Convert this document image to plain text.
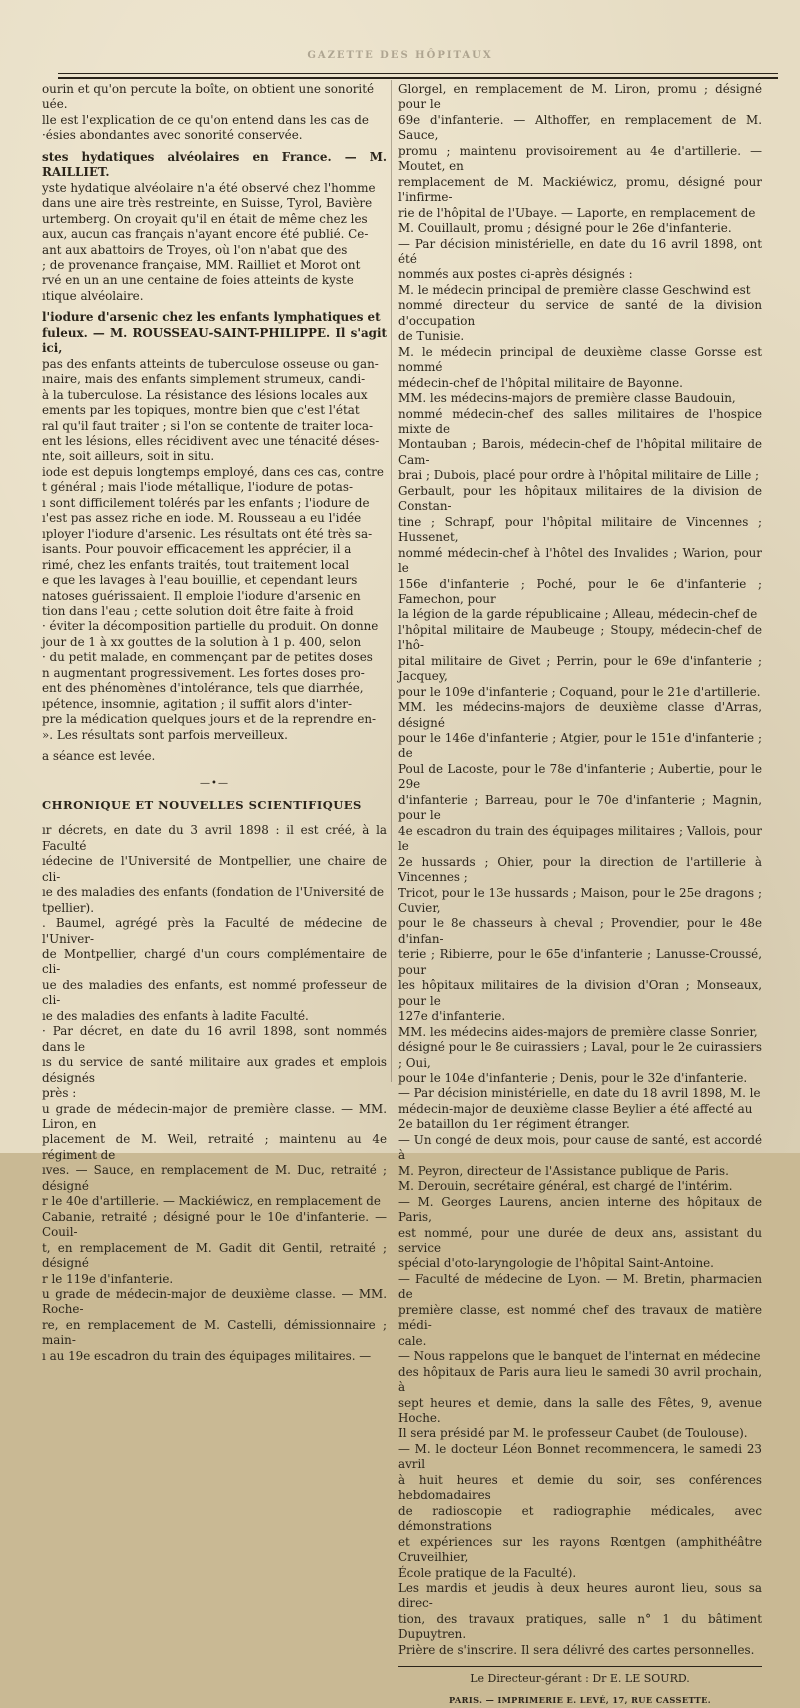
GAZETTE DES HÔPITAUX

ourin et qu'on percute la boîte, on obtient une sonorité

uée.

lle est l'explication de ce qu'on entend dans les cas de

·ésies abondantes avec sonorité conservée.

stes hydatiques alvéolaires en France. — M. RAILLIET.

yste hydatique alvéolaire n'a été observé chez l'homme

dans une aire très restreinte, en Suisse, Tyrol, Bavière

urtemberg. On croyait qu'il en était de même chez les

aux, aucun cas français n'ayant encore été publié. Ce-

ant aux abattoirs de Troyes, où l'on n'abat que des

; de provenance française, MM. Railliet et Morot ont

rvé en un an une centaine de foies atteints de kyste

ıtique alvéolaire.

l'iodure d'arsenic chez les enfants lymphatiques et

fuleux. — M. ROUSSEAU-SAINT-PHILIPPE. Il s'agit ici,

pas des enfants atteints de tuberculose osseuse ou gan-

ınaire, mais des enfants simplement strumeux, candi-

à la tuberculose. La résistance des lésions locales aux

ements par les topiques, montre bien que c'est l'état

ral qu'il faut traiter ; si l'on se contente de traiter loca-

ent les lésions, elles récidivent avec une ténacité déses-

nte, soit ailleurs, soit in situ.

iode est depuis longtemps employé, dans ces cas, contre

t général ; mais l'iode métallique, l'iodure de potas-

ı sont difficilement tolérés par les enfants ; l'iodure de

ı'est pas assez riche en iode. M. Rousseau a eu l'idée

ıployer l'iodure d'arsenic. Les résultats ont été très sa-

isants. Pour pouvoir efficacement les apprécier, il a

rimé, chez les enfants traités, tout traitement local

e que les lavages à l'eau bouillie, et cependant leurs

natoses guérissaient. Il emploie l'iodure d'arsenic en

tion dans l'eau ; cette solution doit être faite à froid

· éviter la décomposition partielle du produit. On donne

jour de 1 à xx gouttes de la solution à 1 p. 400, selon

· du petit malade, en commençant par de petites doses

n augmentant progressivement. Les fortes doses pro-

ent des phénomènes d'intolérance, tels que diarrhée,

ıpétence, insomnie, agitation ; il suffit alors d'inter-

pre la médication quelques jours et de la reprendre en-

». Les résultats sont parfois merveilleux.

a séance est levée.

—•—
CHRONIQUE ET NOUVELLES SCIENTIFIQUES

ır décrets, en date du 3 avril 1898 : il est créé, à la Faculté

ıédecine de l'Université de Montpellier, une chaire de cli-

ıe des maladies des enfants (fondation de l'Université de

tpellier).

. Baumel, agrégé près la Faculté de médecine de l'Univer-

de Montpellier, chargé d'un cours complémentaire de cli-

ue des maladies des enfants, est nommé professeur de cli-

ıe des maladies des enfants à ladite Faculté.

· Par décret, en date du 16 avril 1898, sont nommés dans le

ıs du service de santé militaire aux grades et emplois désignés

près :

u grade de médecin-major de première classe. — MM. Liron, en

placement de M. Weil, retraité ; maintenu au 4e régiment de

ıves. — Sauce, en remplacement de M. Duc, retraité ; désigné

r le 40e d'artillerie. — Mackiéwicz, en remplacement de

Cabanie, retraité ; désigné pour le 10e d'infanterie. — Couil-

t, en remplacement de M. Gadit dit Gentil, retraité ; désigné

r le 119e d'infanterie.

u grade de médecin-major de deuxième classe. — MM. Roche-

re, en remplacement de M. Castelli, démissionnaire ; main-

ı au 19e escadron du train des équipages militaires. —

Glorgel, en remplacement de M. Liron, promu ; désigné pour le

69e d'infanterie. — Althoffer, en remplacement de M. Sauce,

promu ; maintenu provisoirement au 4e d'artillerie. — Moutet, en

remplacement de M. Mackiéwicz, promu, désigné pour l'infirme-

rie de l'hôpital de l'Ubaye. — Laporte, en remplacement de

M. Couillault, promu ; désigné pour le 26e d'infanterie.

— Par décision ministérielle, en date du 16 avril 1898, ont été

nommés aux postes ci-après désignés :

M. le médecin principal de première classe Geschwind est

nommé directeur du service de santé de la division d'occupation

de Tunisie.

M. le médecin principal de deuxième classe Gorsse est nommé

médecin-chef de l'hôpital militaire de Bayonne.

MM. les médecins-majors de première classe Baudouin,

nommé médecin-chef des salles militaires de l'hospice mixte de

Montauban ; Barois, médecin-chef de l'hôpital militaire de Cam-

brai ; Dubois, placé pour ordre à l'hôpital militaire de Lille ;

Gerbault, pour les hôpitaux militaires de la division de Constan-

tine ; Schrapf, pour l'hôpital militaire de Vincennes ; Hussenet,

nommé médecin-chef à l'hôtel des Invalides ; Warion, pour le

156e d'infanterie ; Poché, pour le 6e d'infanterie ; Famechon, pour

la légion de la garde républicaine ; Alleau, médecin-chef de

l'hôpital militaire de Maubeuge ; Stoupy, médecin-chef de l'hô-

pital militaire de Givet ; Perrin, pour le 69e d'infanterie ; Jacquey,

pour le 109e d'infanterie ; Coquand, pour le 21e d'artillerie.

MM. les médecins-majors de deuxième classe d'Arras, désigné

pour le 146e d'infanterie ; Atgier, pour le 151e d'infanterie ; de

Poul de Lacoste, pour le 78e d'infanterie ; Aubertie, pour le 29e

d'infanterie ; Barreau, pour le 70e d'infanterie ; Magnin, pour le

4e escadron du train des équipages militaires ; Vallois, pour le

2e hussards ; Ohier, pour la direction de l'artillerie à Vincennes ;

Tricot, pour le 13e hussards ; Maison, pour le 25e dragons ; Cuvier,

pour le 8e chasseurs à cheval ; Provendier, pour le 48e d'infan-

terie ; Ribierre, pour le 65e d'infanterie ; Lanusse-Croussé, pour

les hôpitaux militaires de la division d'Oran ; Monseaux, pour le

127e d'infanterie.

MM. les médecins aides-majors de première classe Sonrier,

désigné pour le 8e cuirassiers ; Laval, pour le 2e cuirassiers ; Oui,

pour le 104e d'infanterie ; Denis, pour le 32e d'infanterie.

— Par décision ministérielle, en date du 18 avril 1898, M. le

médecin-major de deuxième classe Beylier a été affecté au

2e bataillon du 1er régiment étranger.

— Un congé de deux mois, pour cause de santé, est accordé à

M. Peyron, directeur de l'Assistance publique de Paris.

M. Derouin, secrétaire général, est chargé de l'intérim.

— M. Georges Laurens, ancien interne des hôpitaux de Paris,

est nommé, pour une durée de deux ans, assistant du service

spécial d'oto-laryngologie de l'hôpital Saint-Antoine.

— Faculté de médecine de Lyon. — M. Bretin, pharmacien de

première classe, est nommé chef des travaux de matière médi-

cale.

— Nous rappelons que le banquet de l'internat en médecine

des hôpitaux de Paris aura lieu le samedi 30 avril prochain, à

sept heures et demie, dans la salle des Fêtes, 9, avenue Hoche.

Il sera présidé par M. le professeur Caubet (de Toulouse).

— M. le docteur Léon Bonnet recommencera, le samedi 23 avril

à huit heures et demie du soir, ses conférences hebdomadaires

de radioscopie et radiographie médicales, avec démonstrations

et expériences sur les rayons Rœntgen (amphithéâtre Cruveilhier,

École pratique de la Faculté).

Les mardis et jeudis à deux heures auront lieu, sous sa direc-

tion, des travaux pratiques, salle n° 1 du bâtiment Dupuytren.

Prière de s'inscrire. Il sera délivré des cartes personnelles.

Le Directeur-gérant : Dr E. LE SOURD.
PARIS. — IMPRIMERIE E. LEVÉ, 17, RUE CASSETTE.
